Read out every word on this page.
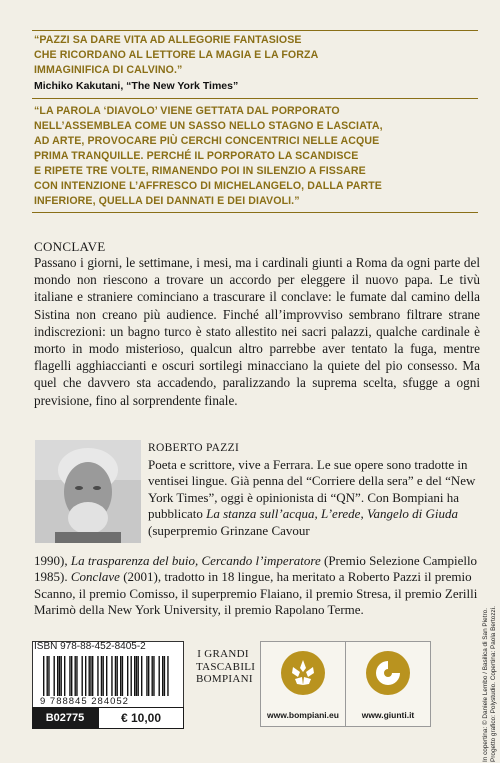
“PAZZI SA DARE VITA AD ALLEGORIE FANTASIOSE
CHE RICORDANO AL LETTORE LA MAGIA E LA FORZA
IMMAGINIFICA DI CALVINO.”
Michiko Kakutani, “The New York Times”
“LA PAROLA ‘DIAVOLO’ VIENE GETTATA DAL PORPORATO
NELL’ASSEMBLEA COME UN SASSO NELLO STAGNO E LASCIATA,
AD ARTE, PROVOCARE PIÙ CERCHI CONCENTRICI NELLE ACQUE
PRIMA TRANQUILLE. PERCHÉ IL PORPORATO LA SCANDISCE
E RIPETE TRE VOLTE, RIMANENDO POI IN SILENZIO A FISSARE
CON INTENZIONE L’AFFRESCO DI MICHELANGELO, DALLA PARTE
INFERIORE, QUELLA DEI DANNATI E DEI DIAVOLI.”
CONCLAVE
Passano i giorni, le settimane, i mesi, ma i cardinali giunti a Roma da ogni parte del mondo non riescono a trovare un accordo per eleggere il nuovo papa. Le tivù italiane e straniere cominciano a trascurare il conclave: le fumate dal camino della Sistina non creano più audience. Finché all’improvviso sembrano filtrare strane indiscrezioni: un bagno turco è stato allestito nei sacri palazzi, qualche cardinale è morto in modo misterioso, qualcun altro parrebbe aver tentato la fuga, mentre flagelli agghiaccianti e oscuri sortilegi minacciano la quiete del pio consesso. Ma quel che davvero sta accadendo, paralizzando la suprema scelta, sfugge a ogni previsione, fino al sorprendente finale.
ROBERTO PAZZI
Poeta e scrittore, vive a Ferrara. Le sue opere sono tradotte in ventisei lingue. Già penna del “Corriere della sera” e del “New York Times”, oggi è opinionista di “QN”. Con Bompiani ha pubblicato La stanza sull’acqua, L’erede, Vangelo di Giuda (superpremio Grinzane Cavour
1990), La trasparenza del buio, Cercando l’imperatore (Premio Selezione Campiello 1985). Conclave (2001), tradotto in 18 lingue, ha meritato a Roberto Pazzi il premio Scanno, il premio Comisso, il superpremio Flaiano, il premio Stresa, il premio Zerilli Marimò della New York University, il premio Rapolano Terme.
ISBN 978-88-452-8405-2
9 788845 284052
B02775	€ 10,00
I GRANDI
TASCABILI
BOMPIANI
www.bompiani.eu	www.giunti.it	In copertina: © Daniele Lembo / Basilica di San Pietro. Progetto grafico: Polystudio. Copertina: Paola Bertozzi.
